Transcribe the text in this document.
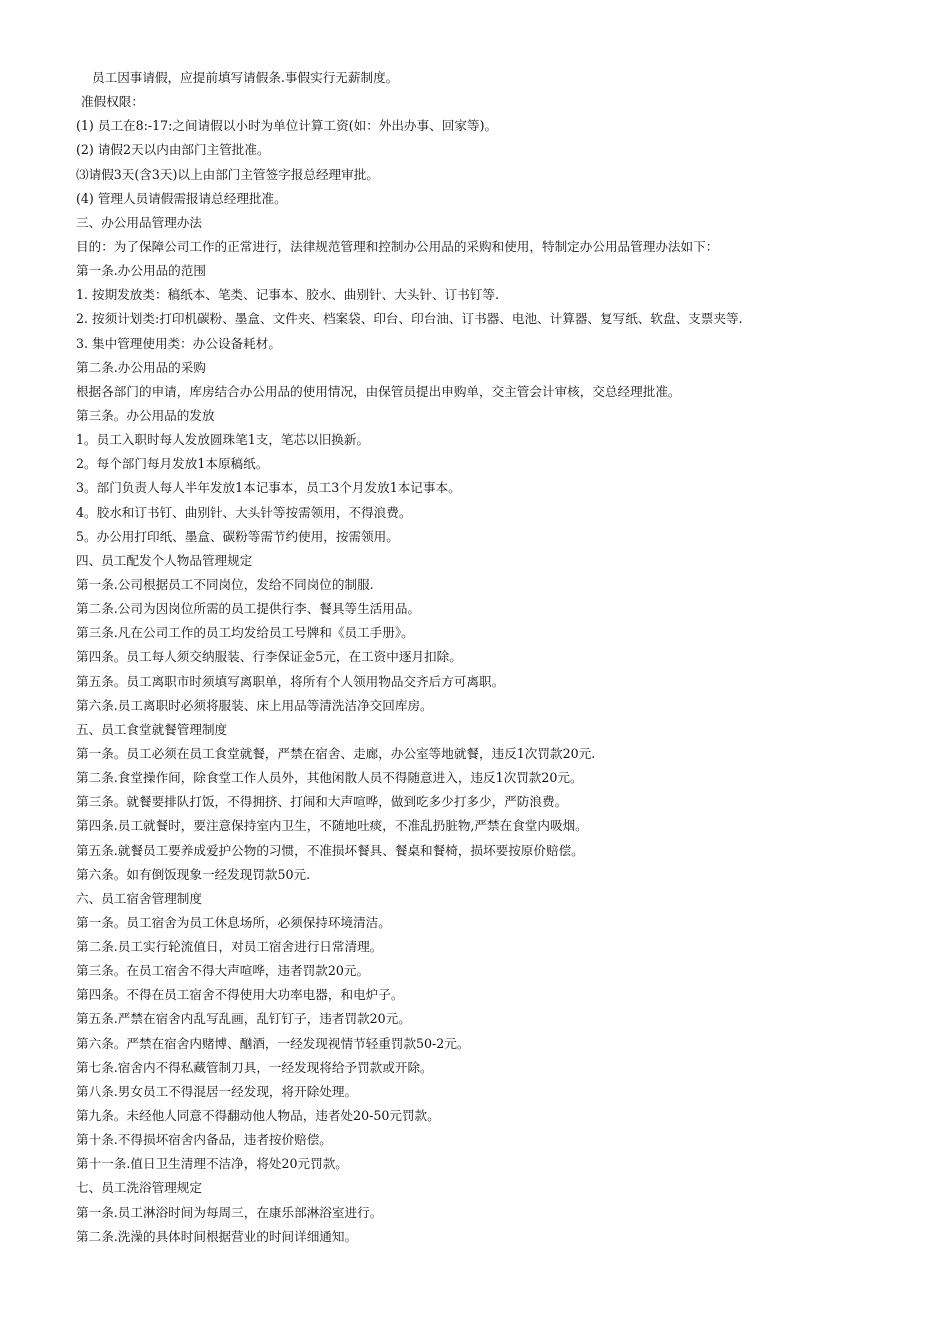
员工因事请假，应提前填写请假条.事假实行无薪制度。
准假权限：
(1) 员工在8:-17:之间请假以小时为单位计算工资(如：外出办事、回家等)。
(2) 请假2天以内由部门主管批准。
⑶请假3天(含3天)以上由部门主管签字报总经理审批。
(4) 管理人员请假需报请总经理批准。
三、办公用品管理办法
目的：为了保障公司工作的正常进行，法律规范管理和控制办公用品的采购和使用，特制定办公用品管理办法如下：
第一条.办公用品的范围
1. 按期发放类：稿纸本、笔类、记事本、胶水、曲别针、大头针、订书钉等.
2. 按须计划类:打印机碳粉、墨盒、文件夹、档案袋、印台、印台油、订书器、电池、计算器、复写纸、软盘、支票夹等.
3. 集中管理使用类：办公设备耗材。
第二条.办公用品的采购
根据各部门的申请，库房结合办公用品的使用情况，由保管员提出申购单，交主管会计审核，交总经理批准。
第三条。办公用品的发放
1。员工入职时每人发放圆珠笔1支，笔芯以旧换新。
2。每个部门每月发放1本原稿纸。
3。部门负责人每人半年发放1本记事本，员工3个月发放1本记事本。
4。胶水和订书钉、曲别针、大头针等按需领用，不得浪费。
5。办公用打印纸、墨盒、碳粉等需节约使用，按需领用。
四、员工配发个人物品管理规定
第一条.公司根据员工不同岗位，发给不同岗位的制服.
第二条.公司为因岗位所需的员工提供行李、餐具等生活用品。
第三条.凡在公司工作的员工均发给员工号牌和《员工手册》。
第四条。员工每人须交纳服装、行李保证金5元，在工资中逐月扣除。
第五条。员工离职市时须填写离职单，将所有个人领用物品交齐后方可离职。
第六条.员工离职时必须将服装、床上用品等清洗洁净交回库房。
五、员工食堂就餐管理制度
第一条。员工必须在员工食堂就餐，严禁在宿舍、走廊，办公室等地就餐，违反1次罚款20元.
第二条.食堂操作间，除食堂工作人员外，其他闲散人员不得随意进入，违反1次罚款20元。
第三条。就餐要排队打饭，不得拥挤、打闹和大声喧哗，做到吃多少打多少，严防浪费。
第四条.员工就餐时，要注意保持室内卫生，不随地吐痰，不准乱扔脏物,严禁在食堂内吸烟。
第五条.就餐员工要养成爱护公物的习惯，不准损坏餐具、餐桌和餐椅，损坏要按原价赔偿。
第六条。如有倒饭现象一经发现罚款50元.
六、员工宿舍管理制度
第一条。员工宿舍为员工休息场所，必须保持环境清洁。
第二条.员工实行轮流值日，对员工宿舍进行日常清理。
第三条。在员工宿舍不得大声喧哗，违者罚款20元。
第四条。不得在员工宿舍不得使用大功率电器，和电炉子。
第五条.严禁在宿舍内乱写乱画，乱钉钉子，违者罚款20元。
第六条。严禁在宿舍内赌博、酗酒，一经发现视情节轻重罚款50-2元。
第七条.宿舍内不得私藏管制刀具，一经发现将给予罚款或开除。
第八条.男女员工不得混居一经发现，将开除处理。
第九条。未经他人同意不得翻动他人物品，违者处20-50元罚款。
第十条.不得损坏宿舍内备品，违者按价赔偿。
第十一条.值日卫生清理不洁净，将处20元罚款。
七、员工洗浴管理规定
第一条.员工淋浴时间为每周三，在康乐部淋浴室进行。
第二条.洗澡的具体时间根据营业的时间详细通知。
